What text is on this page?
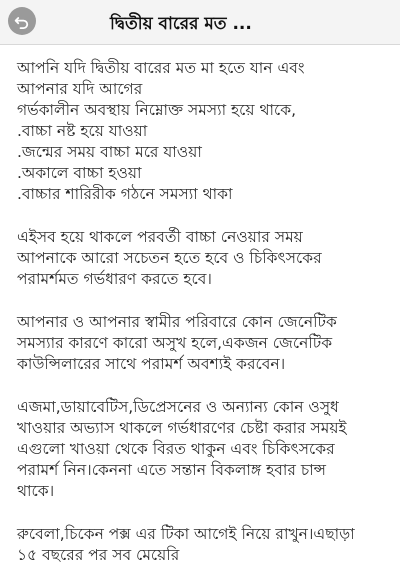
দ্বিতীয় বারের মত ...

আপনি যদি দ্বিতীয় বারের মত মা হতে যান এবং
আপনার যদি আগের
গর্ভকালীন অবস্থায় নিম্নোক্ত সমস্যা হয়ে থাকে,
.বাচ্চা নষ্ট হয়ে যাওয়া
.জন্মের সময় বাচ্চা মরে যাওয়া
.অকালে বাচ্চা হওয়া
.বাচ্চার শারিরীক গঠনে সমস্যা থাকা

এইসব হয়ে থাকলে পরবর্তী বাচ্চা নেওয়ার সময়
আপনাকে আরো সচেতন হতে হবে ও চিকিৎসকের
পরামর্শমত গর্ভধারণ করতে হবে।

আপনার ও আপনার স্বামীর পরিবারে কোন জেনেটিক
সমস্যার কারণে কারো অসুখ হলে,একজন জেনেটিক
কাউন্সিলারের সাথে পরামর্শ অবশ্যই করবেন।

এজমা,ডায়াবেটিস,ডিপ্রেসনের ও অন্যান্য কোন ওসুধ
খাওয়ার অভ্যাস থাকলে গর্ভধারণের চেষ্টা করার সময়ই
এগুলো খাওয়া থেকে বিরত থাকুন এবং চিকিৎসকের
পরামর্শ নিন।কেননা এতে সন্তান বিকলাঙ্গ হবার চান্স
থাকে।

রুবেলা,চিকেন পক্স এর টিকা আগেই নিয়ে রাখুন।এছাড়া
১৫ বছরের পর সব মেয়েরি
